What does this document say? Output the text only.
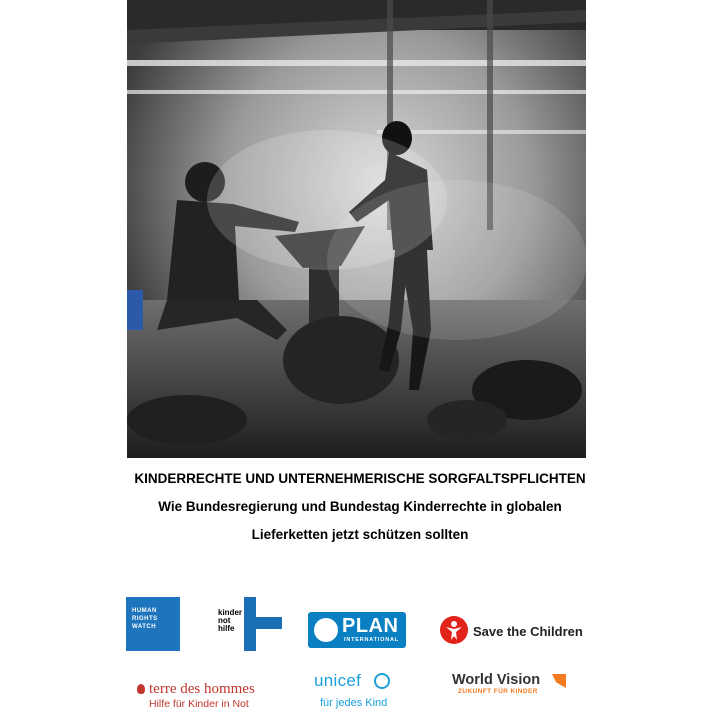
KINDERRECHTE UND UNTERNEHMERISCHE SORGFALTSPFLICHTEN
Wie Bundesregierung und Bundestag Kinderrechte in globalen
Lieferketten jetzt schützen sollten
HUMAN
RIGHTS
WATCH
kinder
not
hilfe	PLAN
INTERNATIONAL
Save the Children
terre des hommes
Hilfe für Kinder in Not
unicef
für jedes Kind
World Vision
ZUKUNFT FÜR KINDER
